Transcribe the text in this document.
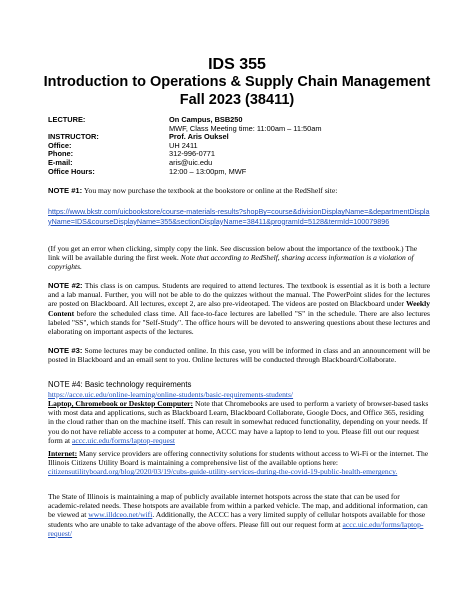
IDS 355
Introduction to Operations & Supply Chain Management
Fall 2023 (38411)
LECTURE:	On Campus, BSB250
MWF, Class Meeting time: 11:00am – 11:50am
INSTRUCTOR:	Prof. Aris Ouksel
Office:	UH 2411
Phone:	312-996-0771
E-mail:	aris@uic.edu
Office Hours:	12:00 – 13:00pm, MWF
NOTE #1: You may now purchase the textbook at the bookstore or online at the RedShelf site:
https://www.bkstr.com/uicbookstore/course-materials-results?shopBy=course&divisionDisplayName=&departmentDisplayName=IDS&courseDisplayName=355&sectionDisplayName=38411&programId=5128&termId=100079896
(If you get an error when clicking, simply copy the link. See discussion below about the importance of the textbook.) The link will be available during the first week. Note that according to RedShelf, sharing access information is a violation of copyrights.
NOTE #2: This class is on campus. Students are required to attend lectures. The textbook is essential as it is both a lecture and a lab manual. Further, you will not be able to do the quizzes without the manual. The PowerPoint slides for the lectures are posted on Blackboard. All lectures, except 2, are also pre-videotaped. The videos are posted on Blackboard under Weekly Content before the scheduled class time. All face-to-face lectures are labelled "S" in the schedule. There are also lectures labeled "SS", which stands for "Self-Study". The office hours will be devoted to answering questions about these lectures and elaborating on important aspects of the lectures.
NOTE #3: Some lectures may be conducted online. In this case, you will be informed in class and an announcement will be posted in Blackboard and an email sent to you. Online lectures will be conducted through Blackboard/Collaborate.
NOTE #4: Basic technology requirements
https://acce.uic.edu/online-learning/online-students/basic-requirements-students/
Laptop, Chromebook or Desktop Computer: Note that Chromebooks are used to perform a variety of browser-based tasks with most data and applications, such as Blackboard Learn, Blackboard Collaborate, Google Docs, and Office 365, residing in the cloud rather than on the machine itself. This can result in somewhat reduced functionality, depending on your needs. If you do not have reliable access to a computer at home, ACCC may have a laptop to lend to you. Please fill out our request form at accc.uic.edu/forms/laptop-request
Internet: Many service providers are offering connectivity solutions for students without access to Wi-Fi or the internet. The Illinois Citizens Utility Board is maintaining a comprehensive list of the available options here: citizensutilityboard.org/blog/2020/03/19/cubs-guide-utility-services-during-the-covid-19-public-health-emergency.
The State of Illinois is maintaining a map of publicly available internet hotspots across the state that can be used for academic-related needs. These hotspots are available from within a parked vehicle. The map, and additional information, can be viewed at www.illdceo.net/wifi. Additionally, the ACCC has a very limited supply of cellular hotspots available for those students who are unable to take advantage of the above offers. Please fill out our request form at accc.uic.edu/forms/laptop-request/
